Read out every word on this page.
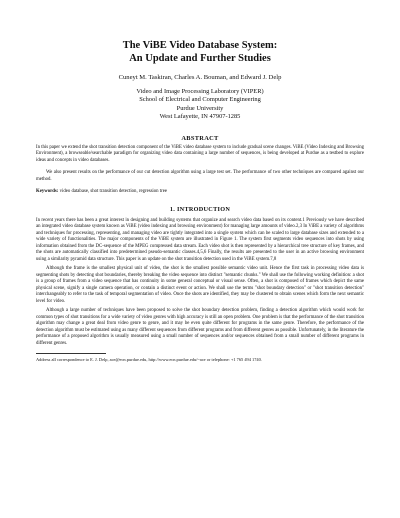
The ViBE Video Database System:
An Update and Further Studies
Cuneyt M. Taskiran, Charles A. Bouman, and Edward J. Delp
Video and Image Processing Laboratory (VIPER)
School of Electrical and Computer Engineering
Purdue University
West Lafayette, IN 47907-1285
ABSTRACT

In this paper we extend the shot transition detection component of the ViBE video database system to include gradual scene changes. ViBE (Video Indexing and Browsing Environment), a browseable/searchable paradigm for organizing video data containing a large number of sequences, is being developed at Purdue as a testbed to explore ideas and concepts in video databases.

We also present results on the performance of our cut detection algorithm using a large test set. The performance of two other techniques are compared against our method.

Keywords: video database, shot transition detection, regression tree

1. INTRODUCTION

In recent years there has been a great interest in designing and building systems that organize and search video data based on its content.1 Previously we have described an integrated video database system known as ViBE (video indexing and browsing environment) for managing large amounts of video.2,3 In ViBE a variety of algorithms and techniques for processing, representing, and managing video are tightly integrated into a single system which can be scaled to large database sizes and extended to a wide variety of functionalities. The major components of the ViBE system are illustrated in Figure 1. The system first segments video sequences into shots by using information obtained from the DC-sequence of the MPEG compressed data stream. Each video shot is then represented by a hierarchical tree structure of key frames, and the shots are automatically classified into predetermined pseudo-semantic classes.4,5,6 Finally, the results are presented to the user in an active browsing environment using a similarity pyramid data structure. This paper is an update on the shot transition detection used in the ViBE system.7,8

Although the frame is the smallest physical unit of video, the shot is the smallest possible semantic video unit. Hence the first task in processing video data is segmenting shots by detecting shot boundaries, thereby breaking the video sequence into distinct "semantic chunks." We shall use the following working definition: a shot is a group of frames from a video sequence that has continuity in some general conceptual or visual sense. Often, a shot is composed of frames which depict the same physical scene, signify a single camera operation, or contain a distinct event or action. We shall use the terms "shot boundary detection" or "shot transition detection" interchangeably to refer to the task of temporal segmentation of video. Once the shots are identified, they may be clustered to obtain scenes which form the next semantic level for video.

Although a large number of techniques have been proposed to solve the shot boundary detection problem, finding a detection algorithm which would work for common types of shot transitions for a wide variety of video genres with high accuracy is still an open problem. One problem is that the performance of the shot transition algorithm may change a great deal from video genre to genre, and it may be even quite different for programs in the same genre. Therefore, the performance of the detection algorithm must be estimated using as many different sequences from different programs and from different genres as possible. Unfortunately, in the literature the performance of a proposed algorithm is usually measured using a small number of sequences and/or sequences obtained from a small number of different programs in different genres.

Address all correspondence to E. J. Delp, ace@ecn.purdue.edu, http://www.ecn.purdue.edu/~ace or telephone: +1 765 494 1740.
